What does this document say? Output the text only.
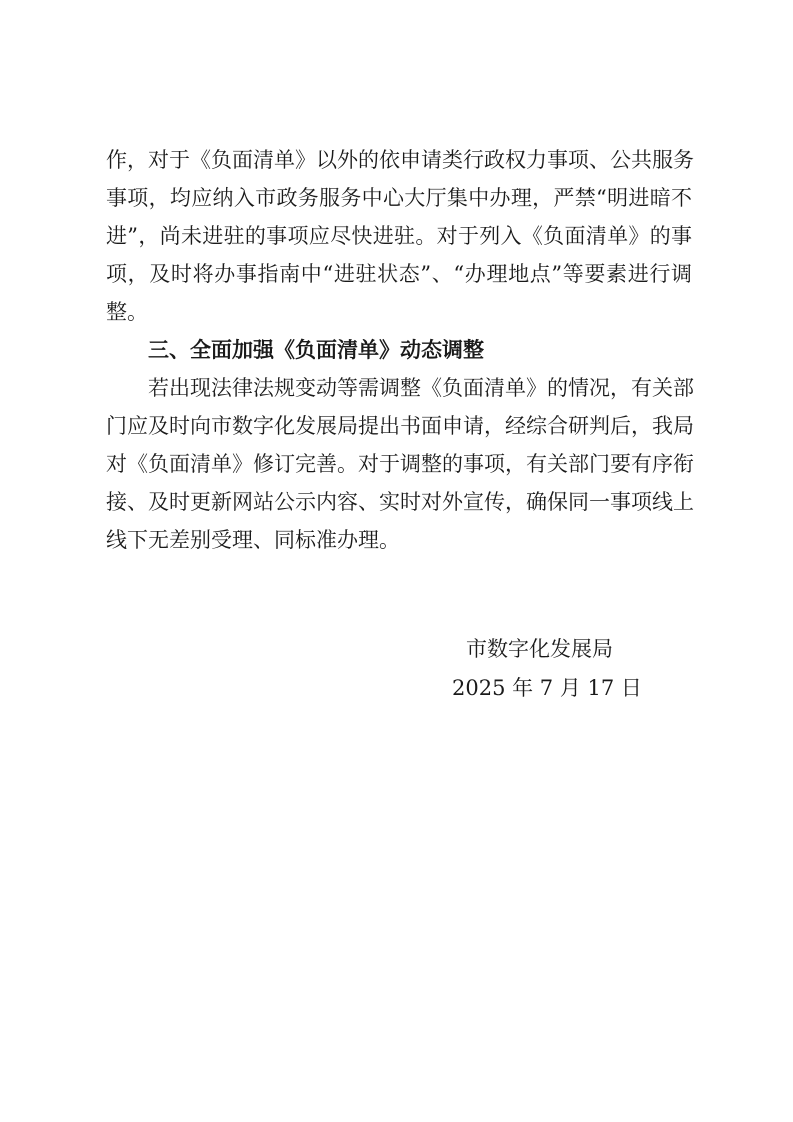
作，对于《负面清单》以外的依申请类行政权力事项、公共服务
事项，均应纳入市政务服务中心大厅集中办理，严禁“明进暗不
进”，尚未进驻的事项应尽快进驻。对于列入《负面清单》的事
项，及时将办事指南中“进驻状态”、“办理地点”等要素进行调
整。
三、全面加强《负面清单》动态调整
若出现法律法规变动等需调整《负面清单》的情况，有关部
门应及时向市数字化发展局提出书面申请，经综合研判后，我局
对《负面清单》修订完善。对于调整的事项，有关部门要有序衔
接、及时更新网站公示内容、实时对外宣传，确保同一事项线上
线下无差别受理、同标准办理。
市数字化发展局
2025 年 7 月 17 日
